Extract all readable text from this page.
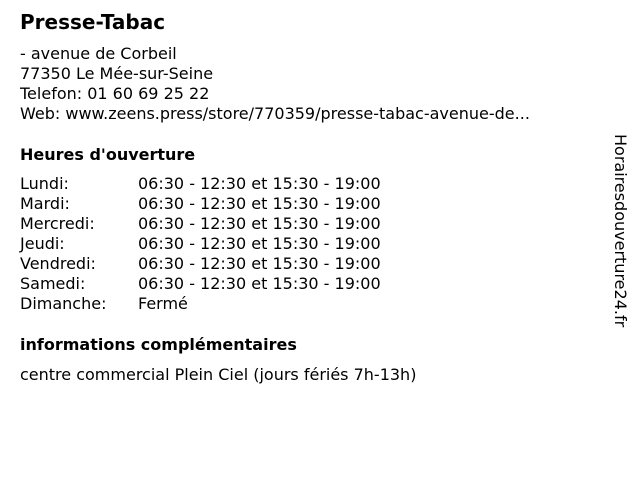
Presse-Tabac
- avenue de Corbeil
77350 Le Mée-sur-Seine
Telefon: 01 60 69 25 22
Web: www.zeens.press/store/770359/presse-tabac-avenue-de...
Heures d'ouverture
Lundi:	06:30 - 12:30 et 15:30 - 19:00
Mardi:	06:30 - 12:30 et 15:30 - 19:00
Mercredi:	06:30 - 12:30 et 15:30 - 19:00
Jeudi:	06:30 - 12:30 et 15:30 - 19:00
Vendredi:	06:30 - 12:30 et 15:30 - 19:00
Samedi:	06:30 - 12:30 et 15:30 - 19:00
Dimanche:	Fermé
informations complémentaires
centre commercial Plein Ciel (jours fériés 7h-13h)
Horairesdouverture24.fr
